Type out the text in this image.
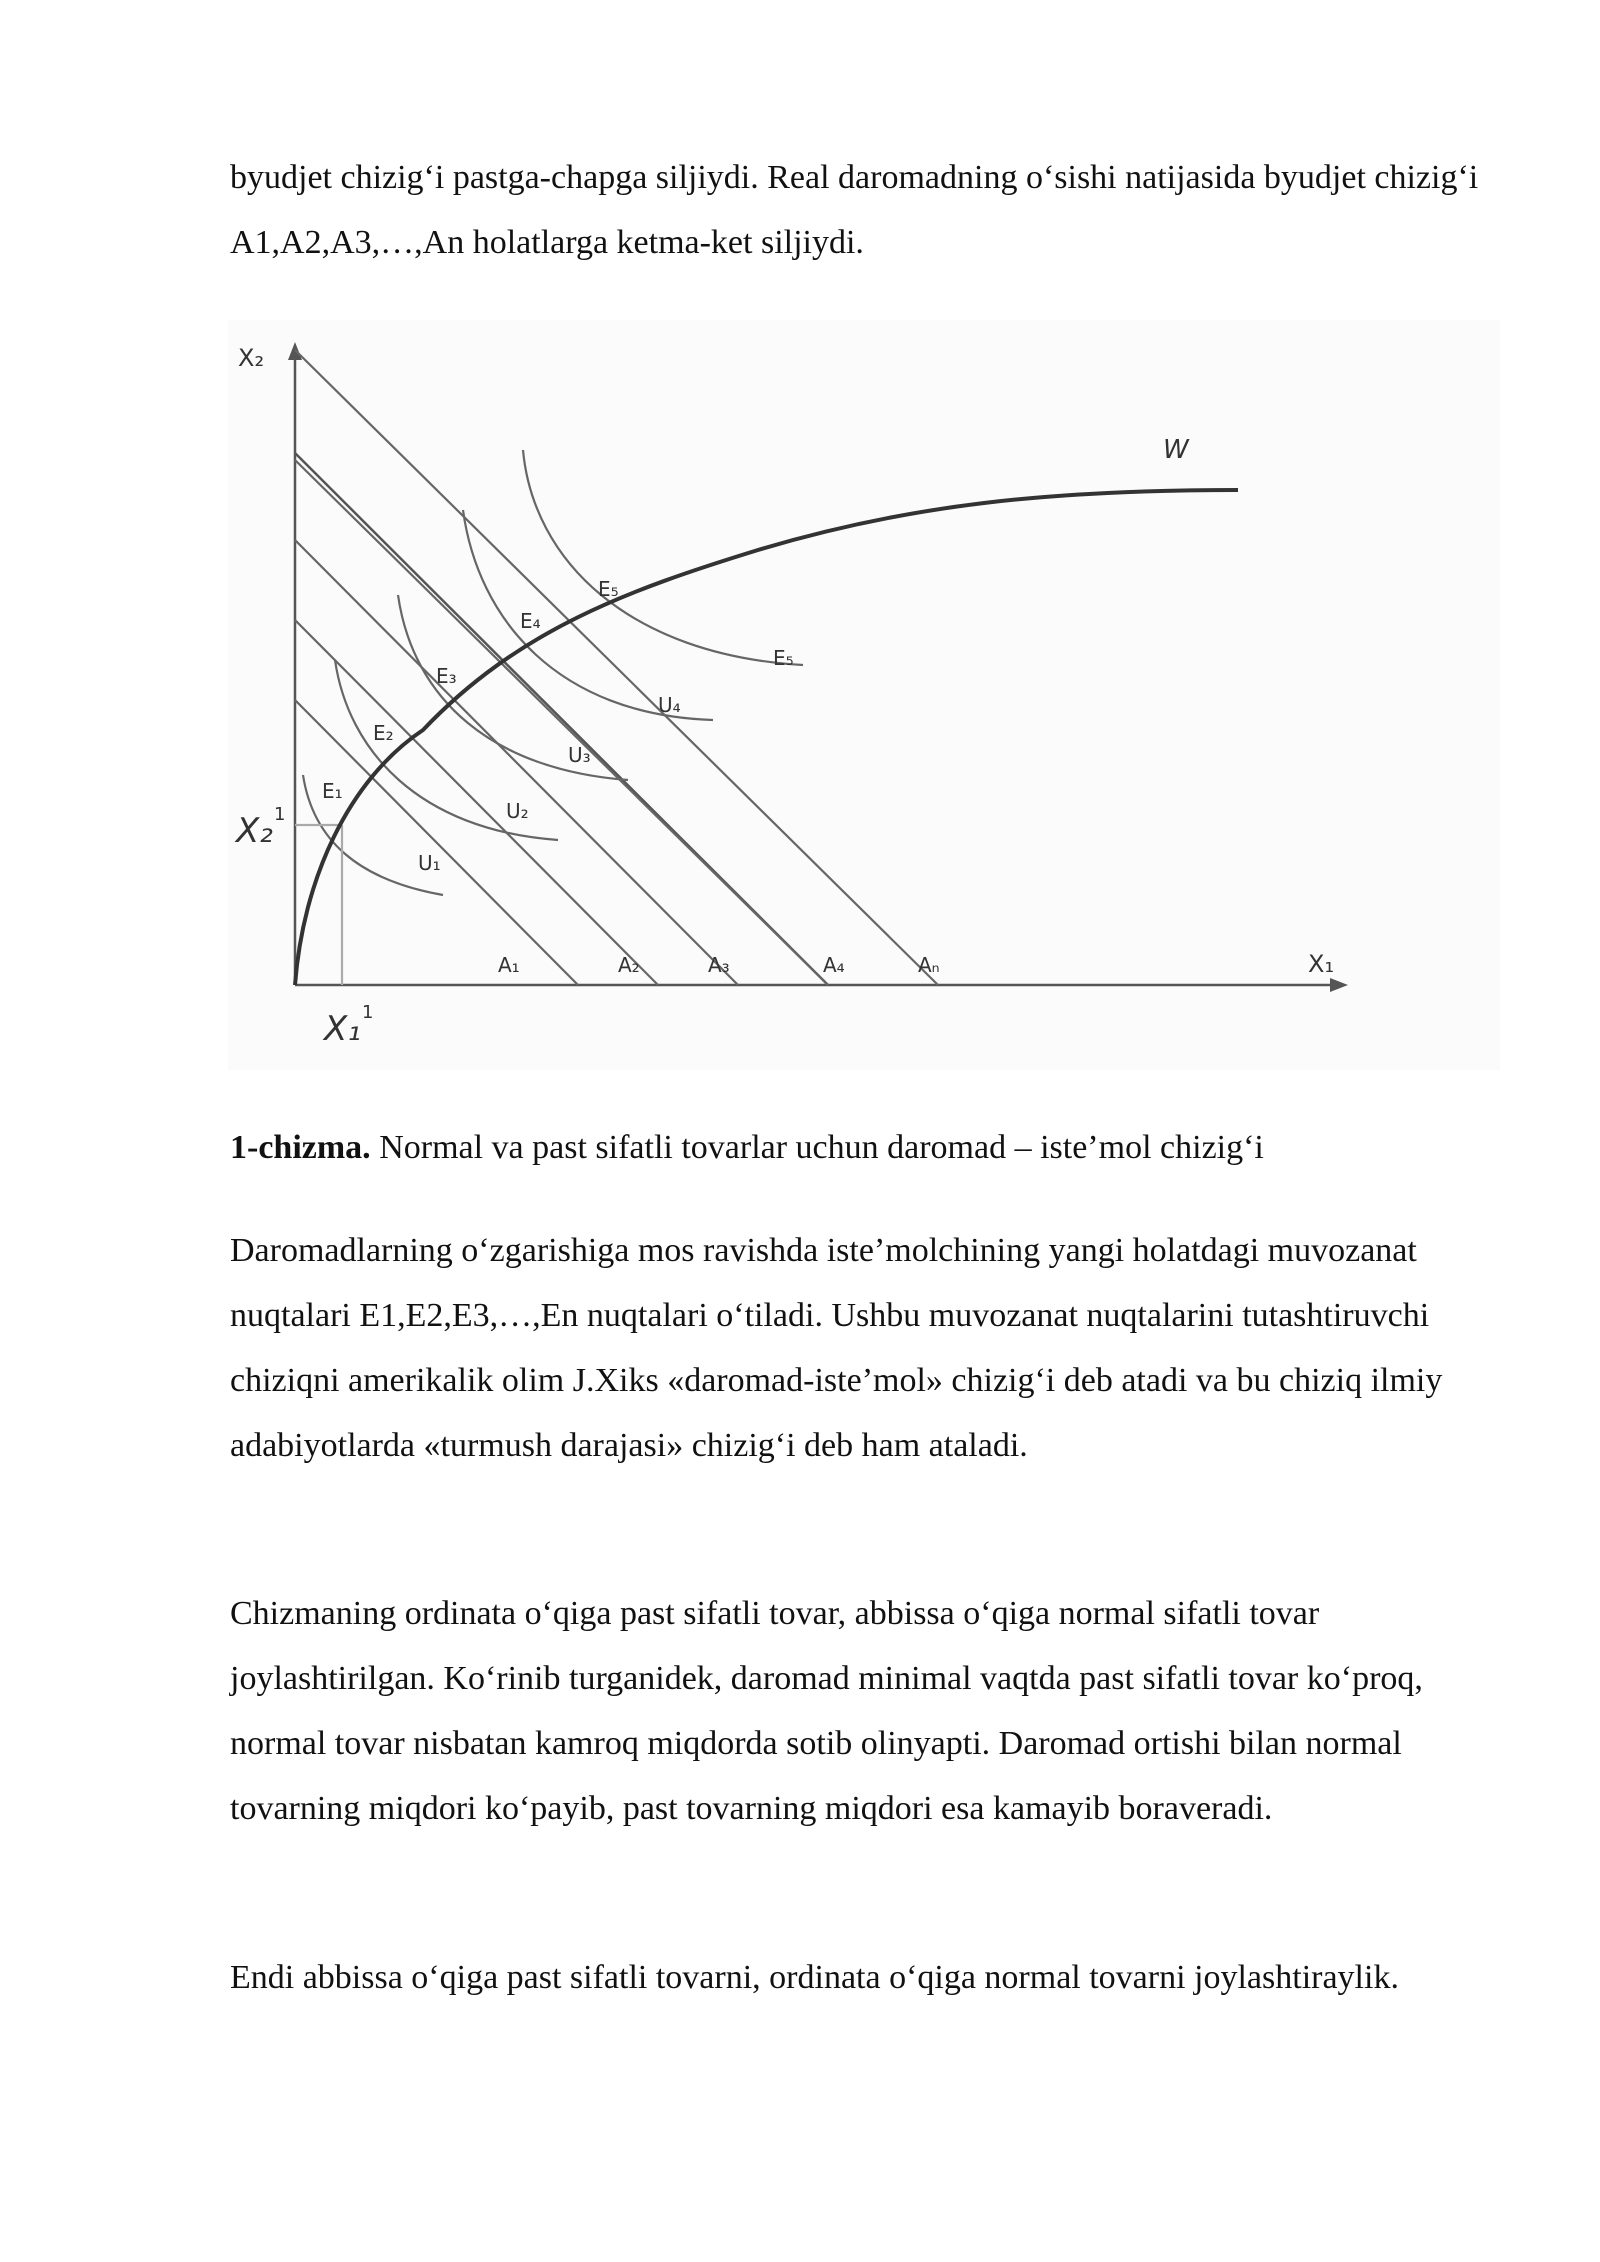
byudjet chizig‘i pastga-chapga siljiydi. Real daromadning o‘sishi natijasida byudjet chizig‘i A1,A2,A3,…,An holatlarga ketma-ket siljiydi.

X₂
X₁
W
A₁	A₂	A₃	A₄	Aₙ
E₁
E₂
E₃
E₄
E₅
U₁
U₂
U₃
U₄
E₅
X₂ 1
X₁ 1

1-chizma. Normal va past sifatli tovarlar uchun daromad – iste’mol chizig‘i

Daromadlarning o‘zgarishiga mos ravishda iste’molchining yangi holatdagi muvozanat nuqtalari E1,E2,E3,…,En nuqtalari o‘tiladi. Ushbu muvozanat nuqtalarini tutashtiruvchi chiziqni amerikalik olim J.Xiks «daromad-iste’mol» chizig‘i deb atadi va bu chiziq ilmiy adabiyotlarda «turmush darajasi» chizig‘i deb ham ataladi.

Chizmaning ordinata o‘qiga past sifatli tovar, abbissa o‘qiga normal sifatli tovar joylashtirilgan. Ko‘rinib turganidek, daromad minimal vaqtda past sifatli tovar ko‘proq, normal tovar nisbatan kamroq miqdorda sotib olinyapti. Daromad ortishi bilan normal tovarning miqdori ko‘payib, past tovarning miqdori esa kamayib boraveradi.

Endi abbissa o‘qiga past sifatli tovarni, ordinata o‘qiga normal tovarni joylashtiraylik.
